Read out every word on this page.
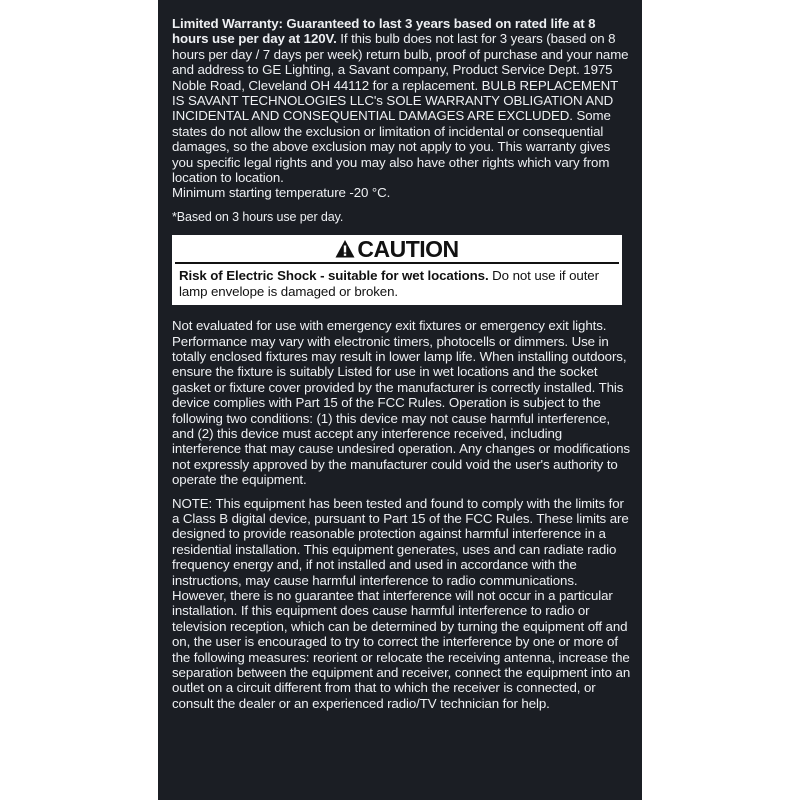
Limited Warranty: Guaranteed to last 3 years based on rated life at 8 hours use per day at 120V. If this bulb does not last for 3 years (based on 8 hours per day / 7 days per week) return bulb, proof of purchase and your name and address to GE Lighting, a Savant company, Product Service Dept. 1975 Noble Road, Cleveland OH 44112 for a replacement. BULB REPLACEMENT IS SAVANT TECHNOLOGIES LLC's SOLE WARRANTY OBLIGATION AND INCIDENTAL AND CONSEQUENTIAL DAMAGES ARE EXCLUDED. Some states do not allow the exclusion or limitation of incidental or consequential damages, so the above exclusion may not apply to you. This warranty gives you specific legal rights and you may also have other rights which vary from location to location.
Minimum starting temperature -20 °C.

*Based on 3 hours use per day.

CAUTION
Risk of Electric Shock - suitable for wet locations. Do not use if outer lamp envelope is damaged or broken.

Not evaluated for use with emergency exit fixtures or emergency exit lights. Performance may vary with electronic timers, photocells or dimmers. Use in totally enclosed fixtures may result in lower lamp life. When installing outdoors, ensure the fixture is suitably Listed for use in wet locations and the socket gasket or fixture cover provided by the manufacturer is correctly installed. This device complies with Part 15 of the FCC Rules. Operation is subject to the following two conditions: (1) this device may not cause harmful interference, and (2) this device must accept any interference received, including interference that may cause undesired operation. Any changes or modifications not expressly approved by the manufacturer could void the user's authority to operate the equipment.

NOTE: This equipment has been tested and found to comply with the limits for a Class B digital device, pursuant to Part 15 of the FCC Rules. These limits are designed to provide reasonable protection against harmful interference in a residential installation. This equipment generates, uses and can radiate radio frequency energy and, if not installed and used in accordance with the instructions, may cause harmful interference to radio communications. However, there is no guarantee that interference will not occur in a particular installation. If this equipment does cause harmful interference to radio or television reception, which can be determined by turning the equipment off and on, the user is encouraged to try to correct the interference by one or more of the following measures: reorient or relocate the receiving antenna, increase the separation between the equipment and receiver, connect the equipment into an outlet on a circuit different from that to which the receiver is connected, or consult the dealer or an experienced radio/TV technician for help.
